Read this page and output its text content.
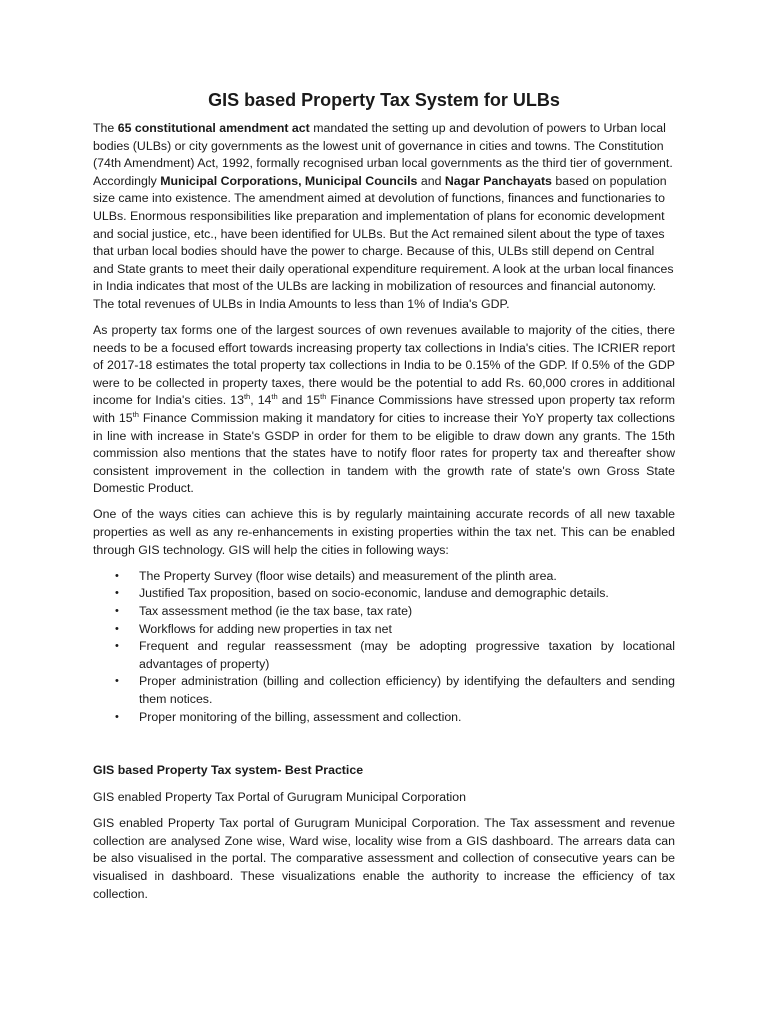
GIS based Property Tax System for ULBs

The 65 constitutional amendment act mandated the setting up and devolution of powers to Urban local bodies (ULBs) or city governments as the lowest unit of governance in cities and towns. The Constitution (74th Amendment) Act, 1992, formally recognised urban local governments as the third tier of government. Accordingly Municipal Corporations, Municipal Councils and Nagar Panchayats based on population size came into existence. The amendment aimed at devolution of functions, finances and functionaries to ULBs. Enormous responsibilities like preparation and implementation of plans for economic development and social justice, etc., have been identified for ULBs. But the Act remained silent about the type of taxes that urban local bodies should have the power to charge. Because of this, ULBs still depend on Central and State grants to meet their daily operational expenditure requirement. A look at the urban local finances in India indicates that most of the ULBs are lacking in mobilization of resources and financial autonomy. The total revenues of ULBs in India Amounts to less than 1% of India's GDP.

As property tax forms one of the largest sources of own revenues available to majority of the cities, there needs to be a focused effort towards increasing property tax collections in India's cities. The ICRIER report of 2017-18 estimates the total property tax collections in India to be 0.15% of the GDP. If 0.5% of the GDP were to be collected in property taxes, there would be the potential to add Rs. 60,000 crores in additional income for India's cities. 13th, 14th and 15th Finance Commissions have stressed upon property tax reform with 15th Finance Commission making it mandatory for cities to increase their YoY property tax collections in line with increase in State's GSDP in order for them to be eligible to draw down any grants. The 15th commission also mentions that the states have to notify floor rates for property tax and thereafter show consistent improvement in the collection in tandem with the growth rate of state's own Gross State Domestic Product.

One of the ways cities can achieve this is by regularly maintaining accurate records of all new taxable properties as well as any re-enhancements in existing properties within the tax net. This can be enabled through GIS technology. GIS will help the cities in following ways:

• The Property Survey (floor wise details) and measurement of the plinth area.
• Justified Tax proposition, based on socio-economic, landuse and demographic details.
• Tax assessment method (ie the tax base, tax rate)
• Workflows for adding new properties in tax net
• Frequent and regular reassessment (may be adopting progressive taxation by locational advantages of property)
• Proper administration (billing and collection efficiency) by identifying the defaulters and sending them notices.
• Proper monitoring of the billing, assessment and collection.

GIS based Property Tax system- Best Practice

GIS enabled Property Tax Portal of Gurugram Municipal Corporation

GIS enabled Property Tax portal of Gurugram Municipal Corporation. The Tax assessment and revenue collection are analysed Zone wise, Ward wise, locality wise from a GIS dashboard. The arrears data can be also visualised in the portal. The comparative assessment and collection of consecutive years can be visualised in dashboard. These visualizations enable the authority to increase the efficiency of tax collection.
